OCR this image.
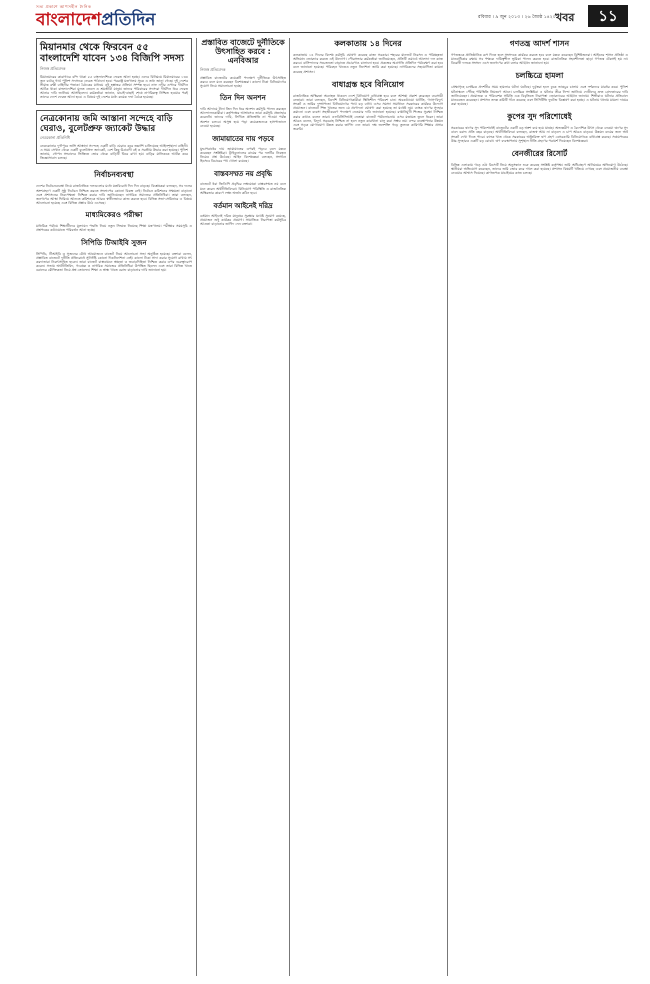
সত্য প্রকাশে আপসহীন দৈনিক
বাংলাদেশপ্রতিদিন	রবিবার । ৯ জুন ২০১৩ । ২৬ জ্যৈষ্ঠ ১৪২০ খবর	১১
মিয়ানমার থেকে ফিরবেন ৫৫ বাংলাদেশি যাবেন ১৩৪ বিজিপি সদস্য
নিজস্ব প্রতিবেদক
মিয়ানমারের কারাগারে বন্দি থাকা ৫৫ বাংলাদেশিকে ফেরত আনা হচ্ছে। এদের বিনিময়ে মিয়ানমারের ১৩৪ জন বর্ডার গার্ড পুলিশ সদস্যকে ফেরত পাঠানো হবে। পররাষ্ট্র মন্ত্রণালয় সূত্রে এ তথ্য জানা গেছে। দুই দেশের সীমান্ত রক্ষী বাহিনীর পতাকা বৈঠকের মাধ্যমে এই হস্তান্তর প্রক্রিয়া সম্পন্ন হবে। নাফ নদীর ওপারে দীর্ঘদিন আটক থাকা বাংলাদেশিরা মূলত জেলে ও শ্রমজীবী মানুষ। তাদের পরিবারের সদস্যরা দীর্ঘদিন ধরে ফেরত আনার দাবি জানিয়ে আসছিলেন। কর্মকর্তারা জানান, যাচাই-বাছাই শেষে নাগরিকত্ব নিশ্চিত হওয়ার পরই তাদের দেশে ফেরত আনা হবে। এ বিষয়ে দুই দেশের মধ্যে কয়েক দফা বৈঠক হয়েছে।
নেত্রকোনায় জমি আস্তানা সন্দেহে বাড়ি ঘেরাও, বুলেটপ্রুফ জ্যাকেট উদ্ধার
নেত্রকোনা প্রতিনিধি
নেত্রকোনার দুর্গাপুরে জঙ্গি আস্তানা সন্দেহে একটি বাড়ি ঘেরাও করে তল্লাশি চালিয়েছে আইনশৃঙ্খলা বাহিনী। এ সময় সেখান থেকে একটি বুলেটপ্রুফ জ্যাকেট, বেশ কিছু উগ্রবাদী বই ও সরঞ্জাম উদ্ধার করা হয়েছে। পুলিশ জানায়, গোপন সংবাদের ভিত্তিতে ভোর থেকে বাড়িটি ঘিরে রাখা হয়। বাড়ির মালিককে আটক করে জিজ্ঞাসাবাদ চলছে।
নির্বাচনব্যবস্থা
দেশের নির্বাচনব্যবস্থা নিয়ে রাজনৈতিক দলগুলোর মধ্যে মতবিরোধ দিন দিন বাড়ছে। বিশ্লেষকরা বলছেন, সব দলের অংশগ্রহণে একটি সুষ্ঠু নির্বাচন নিশ্চিত করতে সংলাপের কোনো বিকল্প নেই। নির্বাচন কমিশনের সক্ষমতা বাড়ানো এবং প্রশাসনের নিরপেক্ষতা নিশ্চিত করার দাবি জানিয়েছেন নাগরিক সমাজের প্রতিনিধিরা। তারা বলছেন, জনগণের আস্থা ফিরিয়ে আনতে কমিশনকে আরও স্বাধীনভাবে কাজ করতে হবে। বিভিন্ন সভা-সেমিনারে এ বিষয়ে আলোচনা হয়েছে এবং বিভিন্ন প্রস্তাব উঠে এসেছে।
মাধ্যমিকেরও পরীক্ষা
মাধ্যমিক পর্যায়ে শিক্ষার্থীদের মূল্যায়ন পদ্ধতি নিয়ে নতুন সিদ্ধান্ত নিয়েছে শিক্ষা মন্ত্রণালয়। পরীক্ষার সময়সূচি ও প্রশ্নপত্রের কাঠামোতে পরিবর্তন আনা হচ্ছে।
সিপিডি টিআইবি সুজন
সিপিডি, টিআইবি ও সুজনের যৌথ আয়োজনে বাজেট নিয়ে আলোচনা সভা অনুষ্ঠিত হয়েছে। বক্তারা বলেন, প্রস্তাবিত বাজেটে দুর্নীতি প্রতিরোধে সুনির্দিষ্ট কোনো দিকনির্দেশনা নেই। কালো টাকা সাদা করার সুযোগ রাখায় সৎ করদাতারা নিরুৎসাহিত হবেন। তারা বাজেট বাস্তবায়নে স্বচ্ছতা ও জবাবদিহিতা নিশ্চিত করার ওপর গুরুত্বারোপ করেন। সভায় অর্থনীতিবিদ, গবেষক ও নাগরিক সমাজের প্রতিনিধিরা উপস্থিত ছিলেন এবং তারা বিভিন্ন খাতে বরাদ্দের যৌক্তিকতা নিয়ে প্রশ্ন তোলেন। শিক্ষা ও স্বাস্থ্য খাতে বরাদ্দ বাড়ানোর দাবি জানানো হয়।
প্রস্তাবিত বাজেটে দুর্নীতিকে উৎসাহিত করবে : এনবিআর
নিজস্ব প্রতিবেদক
প্রস্তাবিত বাজেটের কয়েকটি পদক্ষেপ দুর্নীতিকে উৎসাহিত করবে বলে মনে করছেন বিশেষজ্ঞরা। কালো টাকা বিনিয়োগের সুযোগ নিয়ে সমালোচনা হচ্ছে।
তিন দিন অনশন
দাবি আদায়ে টানা তিন দিন ধরে অনশন কর্মসূচি পালন করছেন আন্দোলনকারীরা। কর্তৃপক্ষের আশ্বাসেও তারা কর্মসূচি প্রত্যাহার করেননি। তাদের দাবি, লিখিত প্রতিশ্রুতি না পাওয়া পর্যন্ত অনশন চলবে। অসুস্থ হয়ে পড়া কয়েকজনকে হাসপাতালে নেওয়া হয়েছে।
জামায়াতের দায় পড়বে
যুদ্ধাপরাধের দায় জামায়াতের ওপরই পড়বে বলে মন্তব্য করেছেন সংশ্লিষ্টরা। ট্রাইব্যুনালের রায়ের পর দলটির নিবন্ধন নিয়েও প্রশ্ন উঠেছে। আইন বিশেষজ্ঞরা বলছেন, সংগঠন হিসেবে বিচারের পথ খোলা রয়েছে।
বাস্তবসম্মত নয় প্রবৃদ্ধি
বাজেটে ধরা জিডিপি প্রবৃদ্ধির লক্ষ্যমাত্রা বাস্তবসম্মত নয় বলে মনে করেন অর্থনীতিবিদরা। বিনিয়োগ পরিস্থিতি ও রাজনৈতিক অস্থিরতার কারণে লক্ষ্য অর্জন কঠিন হবে।
বর্তমান আইনেই দরিদ্র
বর্তমান আইনেই দরিদ্র মানুষের সুরক্ষার যথেষ্ট সুযোগ রয়েছে, প্রয়োজন শুধু কার্যকর প্রয়োগ। সামাজিক নিরাপত্তা কর্মসূচির আওতা বাড়ানোর তাগিদ দেন বক্তারা।
কলকাতায় ১৪ দিনের
কলকাতায় ১৪ দিনের বিশেষ কর্মসূচি ঘোষণা করেছে রাজ্য সরকার। শহরের যানজট নিরসন ও পরিচ্ছন্নতা অভিযান জোরদার করতে এই উদ্যোগ। পৌরসভার কর্মকর্তারা জানিয়েছেন, প্রতিটি ওয়ার্ডে আলাদা দল কাজ করবে। বাসিন্দাদের সচেতনতা বাড়াতে প্রচারণাও চালানো হবে। প্রকল্পের অগ্রগতি প্রতিদিন পর্যবেক্ষণ করা হবে বলে জানানো হয়েছে। পরিবহন খাতেও নতুন নির্দেশনা জারি করা হয়েছে। নাগরিকদের সহযোগিতা কামনা করেছে প্রশাসন।
বাধাগ্রস্ত হবে বিনিয়োগ
রাজনৈতিক অস্থিরতা অব্যাহত থাকলে দেশে বিনিয়োগ বাধাগ্রস্ত হবে বলে আশঙ্কা প্রকাশ করেছেন ব্যবসায়ী নেতারা। তারা বলছেন, বিদেশি বিনিয়োগকারীরা স্থিতিশীল পরিবেশ চান। অবকাঠামো ঘাটতি, গ্যাস-বিদ্যুৎ সংকট ও জমির দুষ্প্রাপ্যতা বিনিয়োগের পথে বড় বাধা। এসব সমস্যা সমাধানে সরকারের কার্যকর উদ্যোগ প্রয়োজন। বাজেটে শিল্প খাতের জন্য যে প্রণোদনা ঘোষণা করা হয়েছে তা যথেষ্ট নয়। ব্যাংক ঋণের সুদহার কমানো এবং ব্যবসা সহজীকরণে পদক্ষেপ নেওয়ার দাবি জানানো হয়েছে। রপ্তানিমুখী শিল্পের সুরক্ষা নিশ্চিত করার কথাও বলেন তারা। এফবিসিসিআই নেতারা বাজেট পর্যালোচনায় এসব মতামত তুলে ধরেন। তারা আরও বলেন, বিদ্যুৎ সরবরাহ নিশ্চিত না হলে নতুন কারখানা চালু করা সম্ভব নয়। বন্দর ব্যবস্থাপনার উন্নয়ন এবং সড়ক যোগাযোগ উন্নত করার তাগিদ দেন তারা। দক্ষ জনশক্তি গড়ে তুলতে কারিগরি শিক্ষার প্রসার জরুরি।
গণতন্ত্র আদর্শ শাসন
গণতন্ত্রকে প্রাতিষ্ঠানিক রূপ দিতে হলে সংসদকে কার্যকর করতে হবে বলে মন্তব্য করেছেন বিশিষ্টজনরা। আইনের শাসন প্রতিষ্ঠা ও মানবাধিকার রক্ষায় সব পক্ষকে দায়িত্বশীল ভূমিকা পালন করতে হবে। রাজনৈতিক সহনশীলতা ছাড়া গণতন্ত্র টেকসই হয় না। বিরোধী দলকে সংসদে এসে জনগণের কথা বলার আহ্বান জানানো হয়।
চলচ্চিত্রে হামলা
প্রেক্ষাগৃহে চলচ্চিত্র প্রদর্শনীর সময় হামলার ঘটনা ঘটেছে। দুর্বৃত্তরা হলে ঢুকে ভাঙচুর চালায় এবং দর্শকদের মারধর করে। পুলিশ ঘটনাস্থলে পৌঁছে পরিস্থিতি নিয়ন্ত্রণে আনে। চলচ্চিত্র সংশ্লিষ্টরা এ ঘটনার তীব্র নিন্দা জানিয়ে দোষীদের দ্রুত গ্রেফতারের দাবি জানিয়েছেন। প্রযোজক ও পরিবেশক সমিতি এক বিবৃতিতে নিরাপত্তা জোরদারের আহ্বান জানায়। শিল্পীরাও ঘটনার প্রতিবাদে মানববন্ধন করেছেন। প্রশাসন তদন্ত কমিটি গঠন করেছে এবং সিসিটিভি ফুটেজ বিশ্লেষণ করা হচ্ছে। এ ঘটনায় থানায় মামলা দায়ের করা হয়েছে।
কুপের সুদ পরিশোধেই
সরকারের ঋণের সুদ পরিশোধেই বাজেটের একটি বড় অংশ ব্যয় হয়ে যাচ্ছে। অভ্যন্তরীণ ও বৈদেশিক উৎস থেকে নেওয়া ঋণের সুদ বাবদ বরাদ্দ প্রতি বছর বাড়ছে। অর্থনীতিবিদরা বলছেন, রাজস্ব আয় না বাড়লে এ চাপ আরও বাড়বে। উন্নয়ন ব্যয়ের জন্য অর্থ সংকট দেখা দিতে পারে। ব্যাংক খাত থেকে সরকারের অতিরিক্ত ঋণ গ্রহণ বেসরকারি বিনিয়োগকে বাধাগ্রস্ত করছে। সঞ্চয়পত্রের উচ্চ সুদহারও একটি বড় বোঝা। ঋণ ব্যবস্থাপনায় সুশৃঙ্খল নীতি গ্রহণের পরামর্শ দিয়েছেন বিশেষজ্ঞরা।
বেনজীরের রিসোর্ট
বিভিন্ন এলাকায় গড়ে ওঠা রিসোর্ট নিয়ে অনুসন্ধান শুরু করেছে সংশ্লিষ্ট কর্তৃপক্ষ। জমি অধিগ্রহণে অনিয়মের অভিযোগ উঠেছে। স্থানীয়রা অভিযোগ করেছেন, তাদের জমি জোর করে দখল করা হয়েছে। প্রশাসন বিষয়টি খতিয়ে দেখছে এবং প্রয়োজনীয় ব্যবস্থা নেওয়ার আশ্বাস দিয়েছে। কাগজপত্র যাচাইয়ের কাজ চলছে।
